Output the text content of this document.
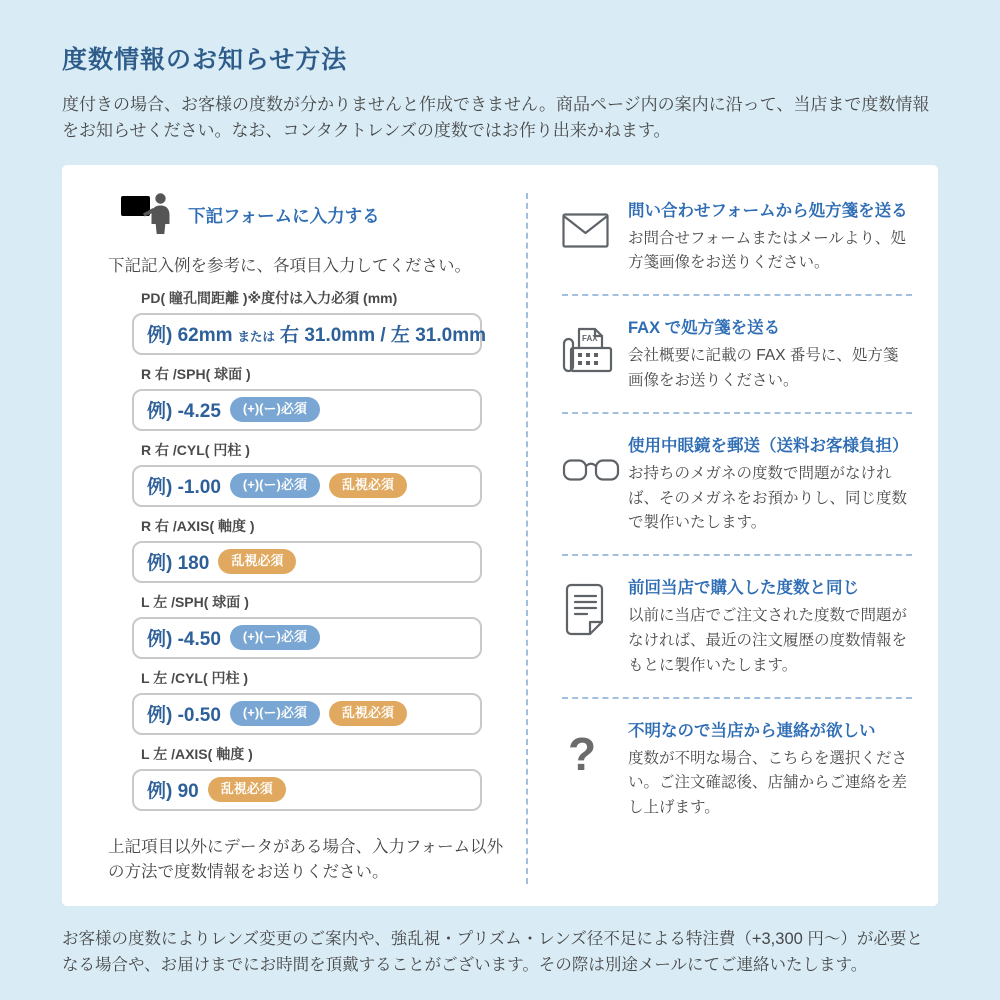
度数情報のお知らせ方法

度付きの場合、お客様の度数が分かりませんと作成できません。商品ページ内の案内に沿って、当店まで度数情報をお知らせください。なお、コンタクトレンズの度数ではお作り出来かねます。

下記フォームに入力する
下記記入例を参考に、各項目入力してください。
PD( 瞳孔間距離 )※度付は入力必須 (mm)
例) 62mm または 右 31.0mm / 左 31.0mm
R 右 /SPH( 球面 )
例) -4.25	(+)(ー)必須
R 右 /CYL( 円柱 )
例) -1.00	(+)(ー)必須	乱視必須
R 右 /AXIS( 軸度 )
例) 180	乱視必須
L 左 /SPH( 球面 )
例) -4.50	(+)(ー)必須
L 左 /CYL( 円柱 )
例) -0.50	(+)(ー)必須	乱視必須
L 左 /AXIS( 軸度 )
例) 90	乱視必須
上記項目以外にデータがある場合、入力フォーム以外の方法で度数情報をお送りください。
問い合わせフォームから処方箋を送る
お問合せフォームまたはメールより、処方箋画像をお送りください。
FAX
FAX で処方箋を送る
会社概要に記載の FAX 番号に、処方箋画像をお送りください。
使用中眼鏡を郵送（送料お客様負担）
お持ちのメガネの度数で問題がなければ、そのメガネをお預かりし、同じ度数で製作いたします。
前回当店で購入した度数と同じ
以前に当店でご注文された度数で問題がなければ、最近の注文履歴の度数情報をもとに製作いたします。
?	不明なので当店から連絡が欲しい
度数が不明な場合、こちらを選択ください。ご注文確認後、店舗からご連絡を差し上げます。

お客様の度数によりレンズ変更のご案内や、強乱視・プリズム・レンズ径不足による特注費（+3,300 円～）が必要となる場合や、お届けまでにお時間を頂戴することがございます。その際は別途メールにてご連絡いたします。
